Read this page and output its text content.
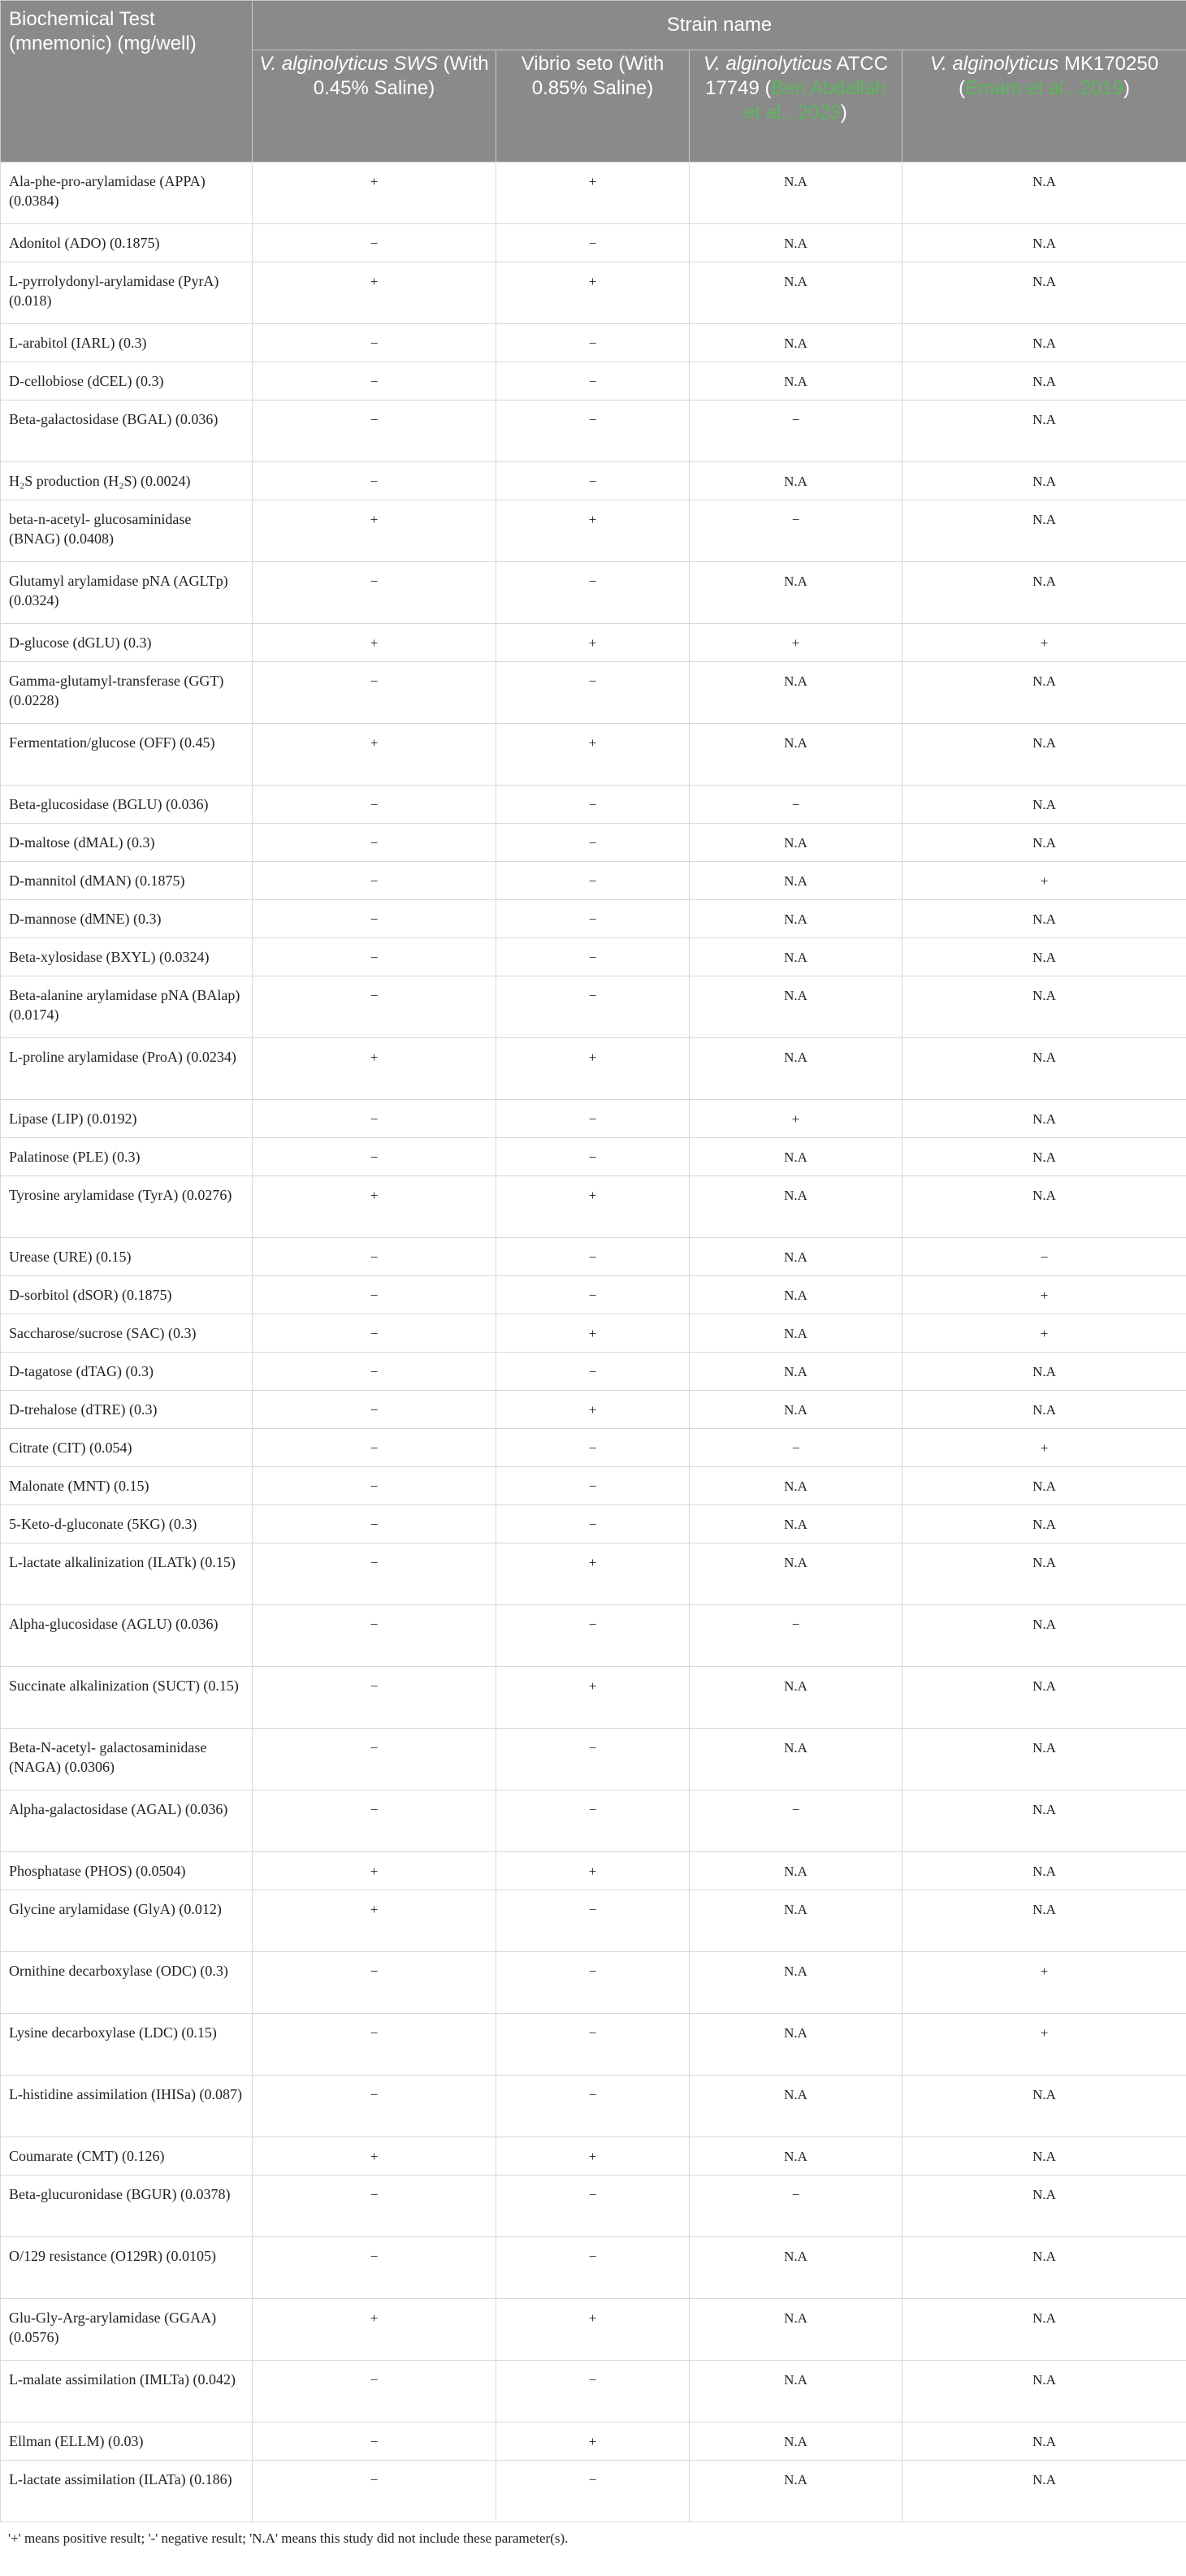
Biochemical Test (mnemonic) (mg/well)	Strain name			
	V. alginolyticus SWS (With 0.45% Saline)	Vibrio seto (With 0.85% Saline)	V. alginolyticus ATCC 17749 (Ben Abdallah et al., 2023)	V. alginolyticus MK170250 (Emam et al., 2019)
Ala-phe-pro-arylamidase (APPA) (0.0384)	+	+	N.A	N.A
Adonitol (ADO) (0.1875)	−	−	N.A	N.A
L-pyrrolydonyl-arylamidase (PyrA) (0.018)	+	+	N.A	N.A
L-arabitol (IARL) (0.3)	−	−	N.A	N.A
D-cellobiose (dCEL) (0.3)	−	−	N.A	N.A
Beta-galactosidase (BGAL) (0.036)	−	−	−	N.A
H₂S production (H₂S) (0.0024)	−	−	N.A	N.A
beta-n-acetyl- glucosaminidase (BNAG) (0.0408)	+	+	−	N.A
Glutamyl arylamidase pNA (AGLTp) (0.0324)	−	−	N.A	N.A
D-glucose (dGLU) (0.3)	+	+	+	+
Gamma-glutamyl-transferase (GGT) (0.0228)	−	−	N.A	N.A
Fermentation/glucose (OFF) (0.45)	+	+	N.A	N.A
Beta-glucosidase (BGLU) (0.036)	−	−	−	N.A
D-maltose (dMAL) (0.3)	−	−	N.A	N.A
D-mannitol (dMAN) (0.1875)	−	−	N.A	+
D-mannose (dMNE) (0.3)	−	−	N.A	N.A
Beta-xylosidase (BXYL) (0.0324)	−	−	N.A	N.A
Beta-alanine arylamidase pNA (BAlap) (0.0174)	−	−	N.A	N.A
L-proline arylamidase (ProA) (0.0234)	+	+	N.A	N.A
Lipase (LIP) (0.0192)	−	−	+	N.A
Palatinose (PLE) (0.3)	−	−	N.A	N.A
Tyrosine arylamidase (TyrA) (0.0276)	+	+	N.A	N.A
Urease (URE) (0.15)	−	−	N.A	−
D-sorbitol (dSOR) (0.1875)	−	−	N.A	+
Saccharose/sucrose (SAC) (0.3)	−	+	N.A	+
D-tagatose (dTAG) (0.3)	−	−	N.A	N.A
D-trehalose (dTRE) (0.3)	−	+	N.A	N.A
Citrate (CIT) (0.054)	−	−	−	+
Malonate (MNT) (0.15)	−	−	N.A	N.A
5-Keto-d-gluconate (5KG) (0.3)	−	−	N.A	N.A
L-lactate alkalinization (ILATk) (0.15)	−	+	N.A	N.A
Alpha-glucosidase (AGLU) (0.036)	−	−	−	N.A
Succinate alkalinization (SUCT) (0.15)	−	+	N.A	N.A
Beta-N-acetyl- galactosaminidase (NAGA) (0.0306)	−	−	N.A	N.A
Alpha-galactosidase (AGAL) (0.036)	−	−	−	N.A
Phosphatase (PHOS) (0.0504)	+	+	N.A	N.A
Glycine arylamidase (GlyA) (0.012)	+	−	N.A	N.A
Ornithine decarboxylase (ODC) (0.3)	−	−	N.A	+
Lysine decarboxylase (LDC) (0.15)	−	−	N.A	+
L-histidine assimilation (IHISa) (0.087)	−	−	N.A	N.A
Coumarate (CMT) (0.126)	+	+	N.A	N.A
Beta-glucuronidase (BGUR) (0.0378)	−	−	−	N.A
O/129 resistance (O129R) (0.0105)	−	−	N.A	N.A
Glu-Gly-Arg-arylamidase (GGAA) (0.0576)	+	+	N.A	N.A
L-malate assimilation (IMLTa) (0.042)	−	−	N.A	N.A
Ellman (ELLM) (0.03)	−	+	N.A	N.A
L-lactate assimilation (ILATa) (0.186)	−	−	N.A	N.A
'+' means positive result; '-' negative result; 'N.A' means this study did not include these parameter(s).
